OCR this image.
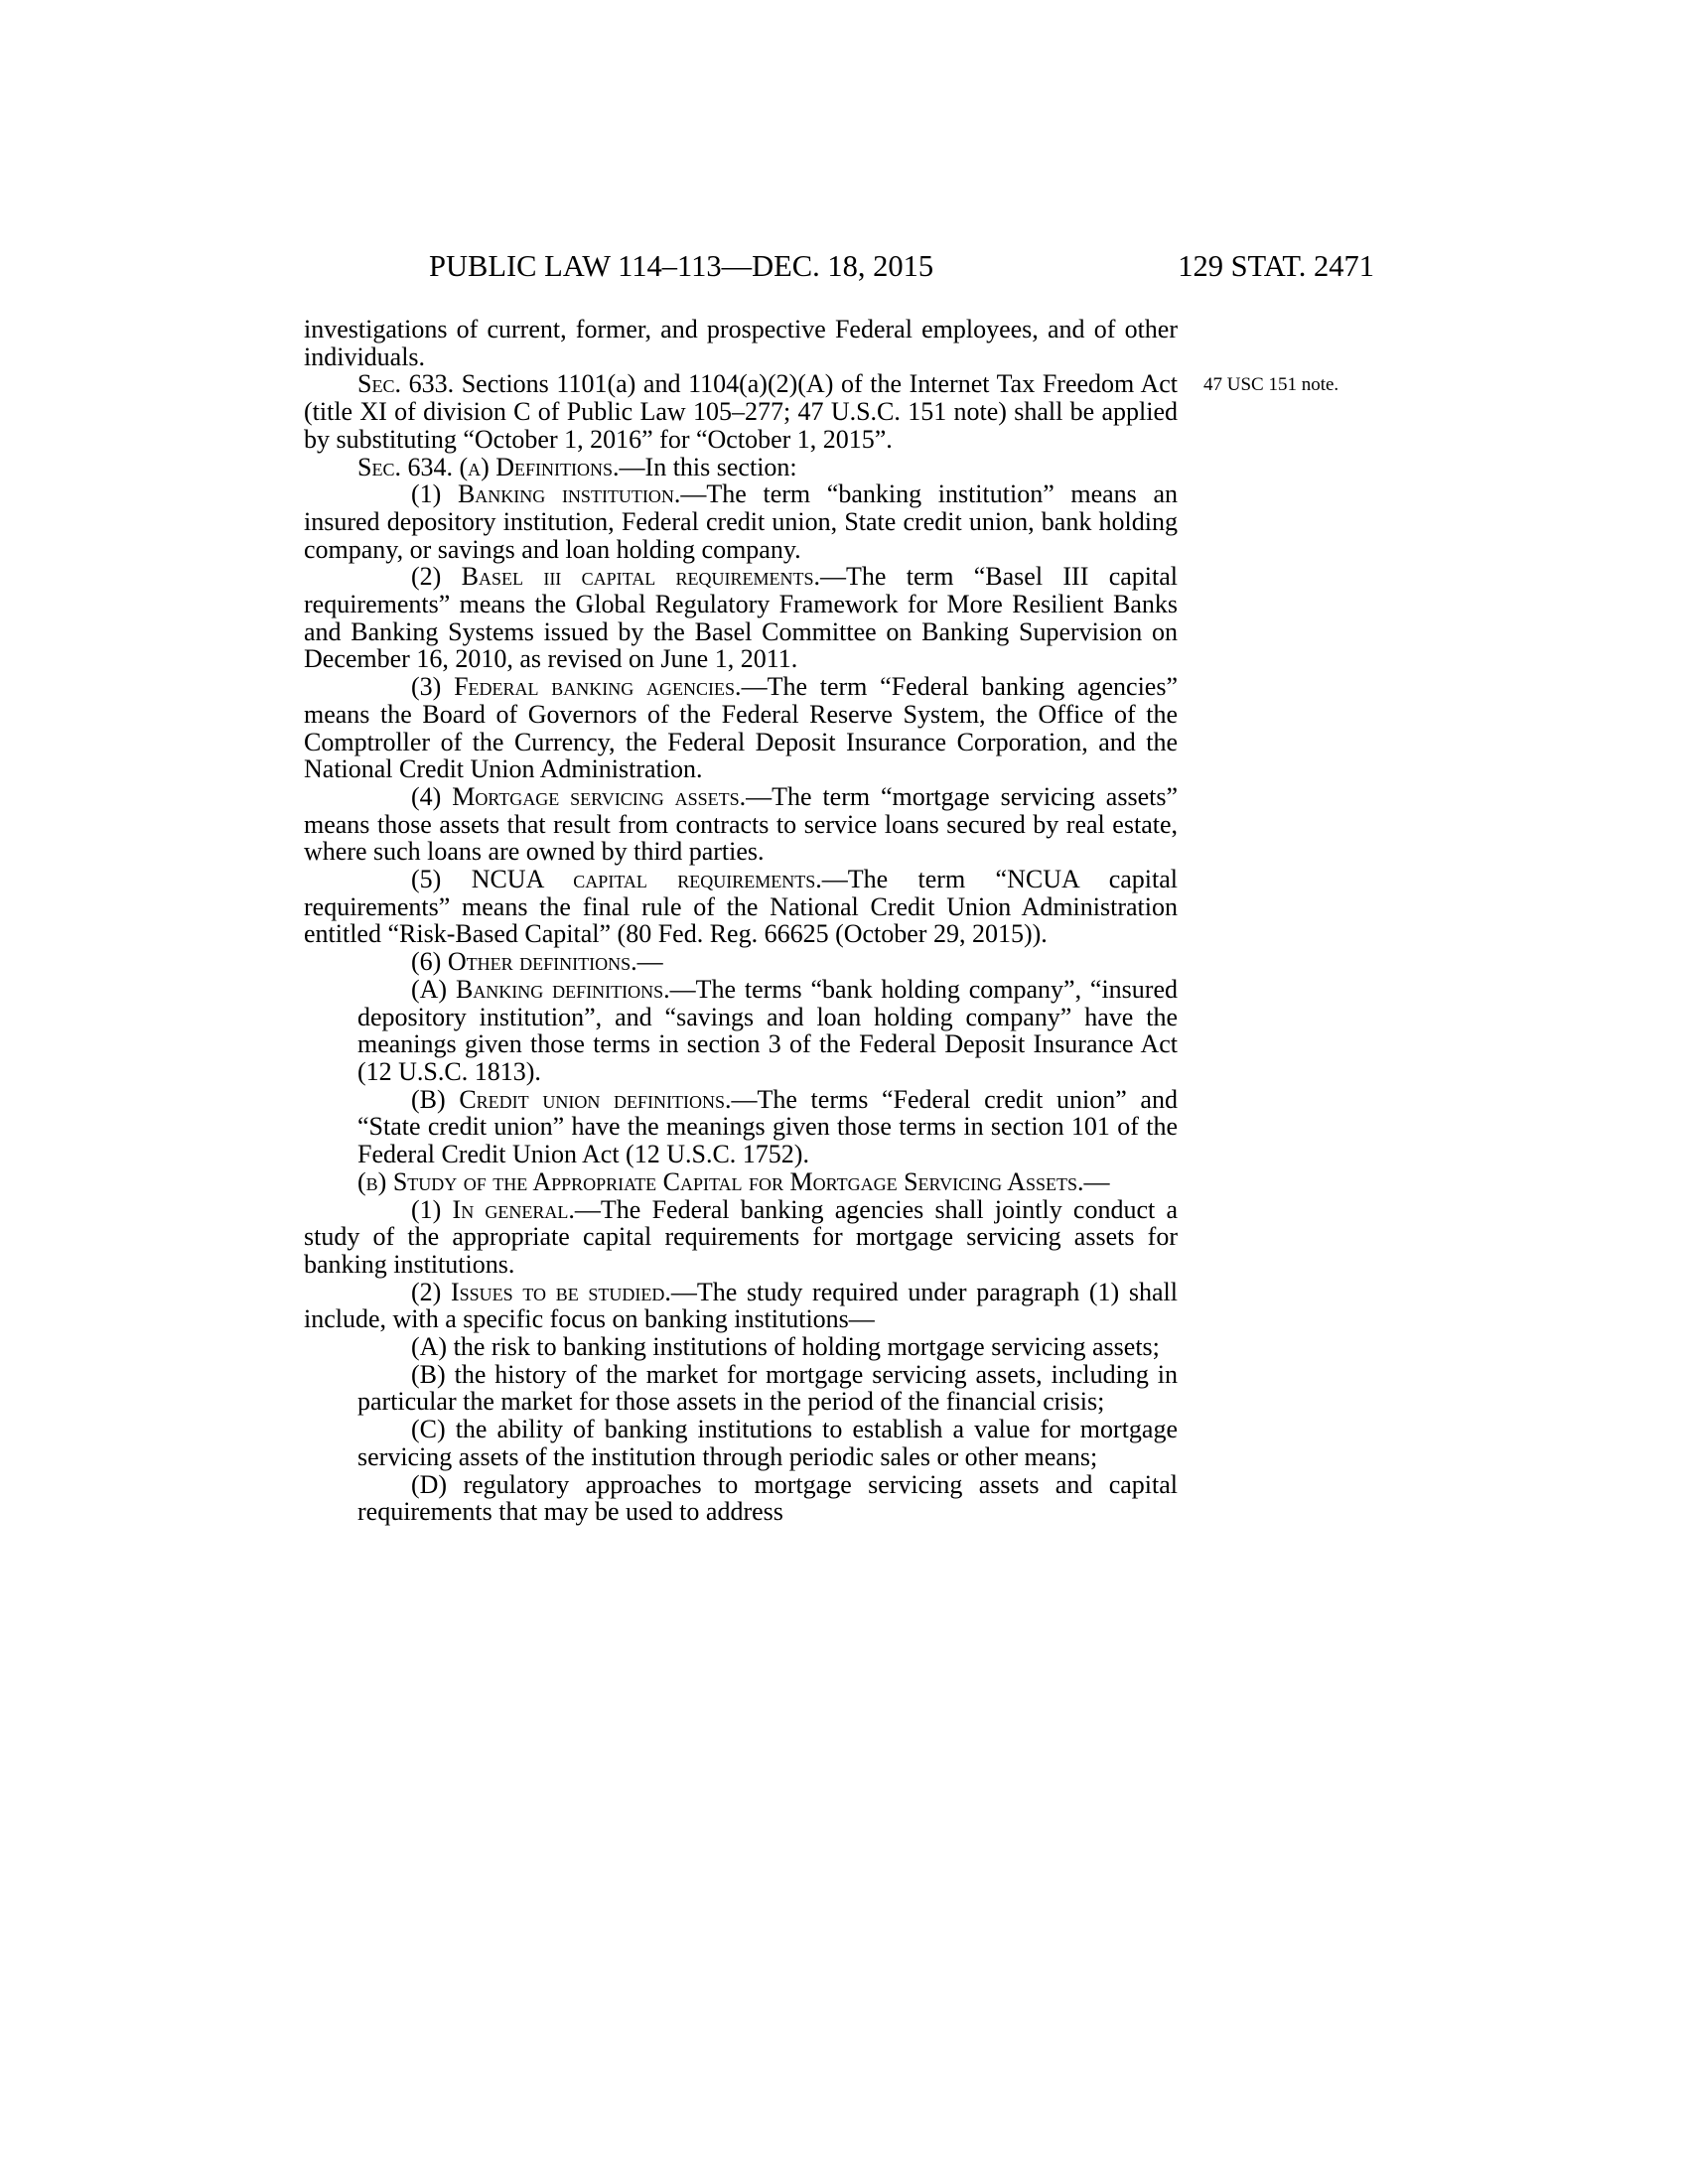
PUBLIC LAW 114–113—DEC. 18, 2015	129 STAT. 2471
47 USC 151 note.

investigations of current, former, and prospective Federal employees, and of other individuals.

Sec. 633. Sections 1101(a) and 1104(a)(2)(A) of the Internet Tax Freedom Act (title XI of division C of Public Law 105–277; 47 U.S.C. 151 note) shall be applied by substituting “October 1, 2016” for “October 1, 2015”.

Sec. 634. (a) Definitions.—In this section:

(1) Banking institution.—The term “banking institution” means an insured depository institution, Federal credit union, State credit union, bank holding company, or savings and loan holding company.

(2) Basel iii capital requirements.—The term “Basel III capital requirements” means the Global Regulatory Framework for More Resilient Banks and Banking Systems issued by the Basel Committee on Banking Supervision on December 16, 2010, as revised on June 1, 2011.

(3) Federal banking agencies.—The term “Federal banking agencies” means the Board of Governors of the Federal Reserve System, the Office of the Comptroller of the Currency, the Federal Deposit Insurance Corporation, and the National Credit Union Administration.

(4) Mortgage servicing assets.—The term “mortgage servicing assets” means those assets that result from contracts to service loans secured by real estate, where such loans are owned by third parties.

(5) NCUA capital requirements.—The term “NCUA capital requirements” means the final rule of the National Credit Union Administration entitled “Risk-Based Capital” (80 Fed. Reg. 66625 (October 29, 2015)).

(6) Other definitions.—

(A) Banking definitions.—The terms “bank holding company”, “insured depository institution”, and “savings and loan holding company” have the meanings given those terms in section 3 of the Federal Deposit Insurance Act (12 U.S.C. 1813).

(B) Credit union definitions.—The terms “Federal credit union” and “State credit union” have the meanings given those terms in section 101 of the Federal Credit Union Act (12 U.S.C. 1752).

(b) Study of the Appropriate Capital for Mortgage Servicing Assets.—

(1) In general.—The Federal banking agencies shall jointly conduct a study of the appropriate capital requirements for mortgage servicing assets for banking institutions.

(2) Issues to be studied.—The study required under paragraph (1) shall include, with a specific focus on banking institutions—

(A) the risk to banking institutions of holding mortgage servicing assets;

(B) the history of the market for mortgage servicing assets, including in particular the market for those assets in the period of the financial crisis;

(C) the ability of banking institutions to establish a value for mortgage servicing assets of the institution through periodic sales or other means;

(D) regulatory approaches to mortgage servicing assets and capital requirements that may be used to address
